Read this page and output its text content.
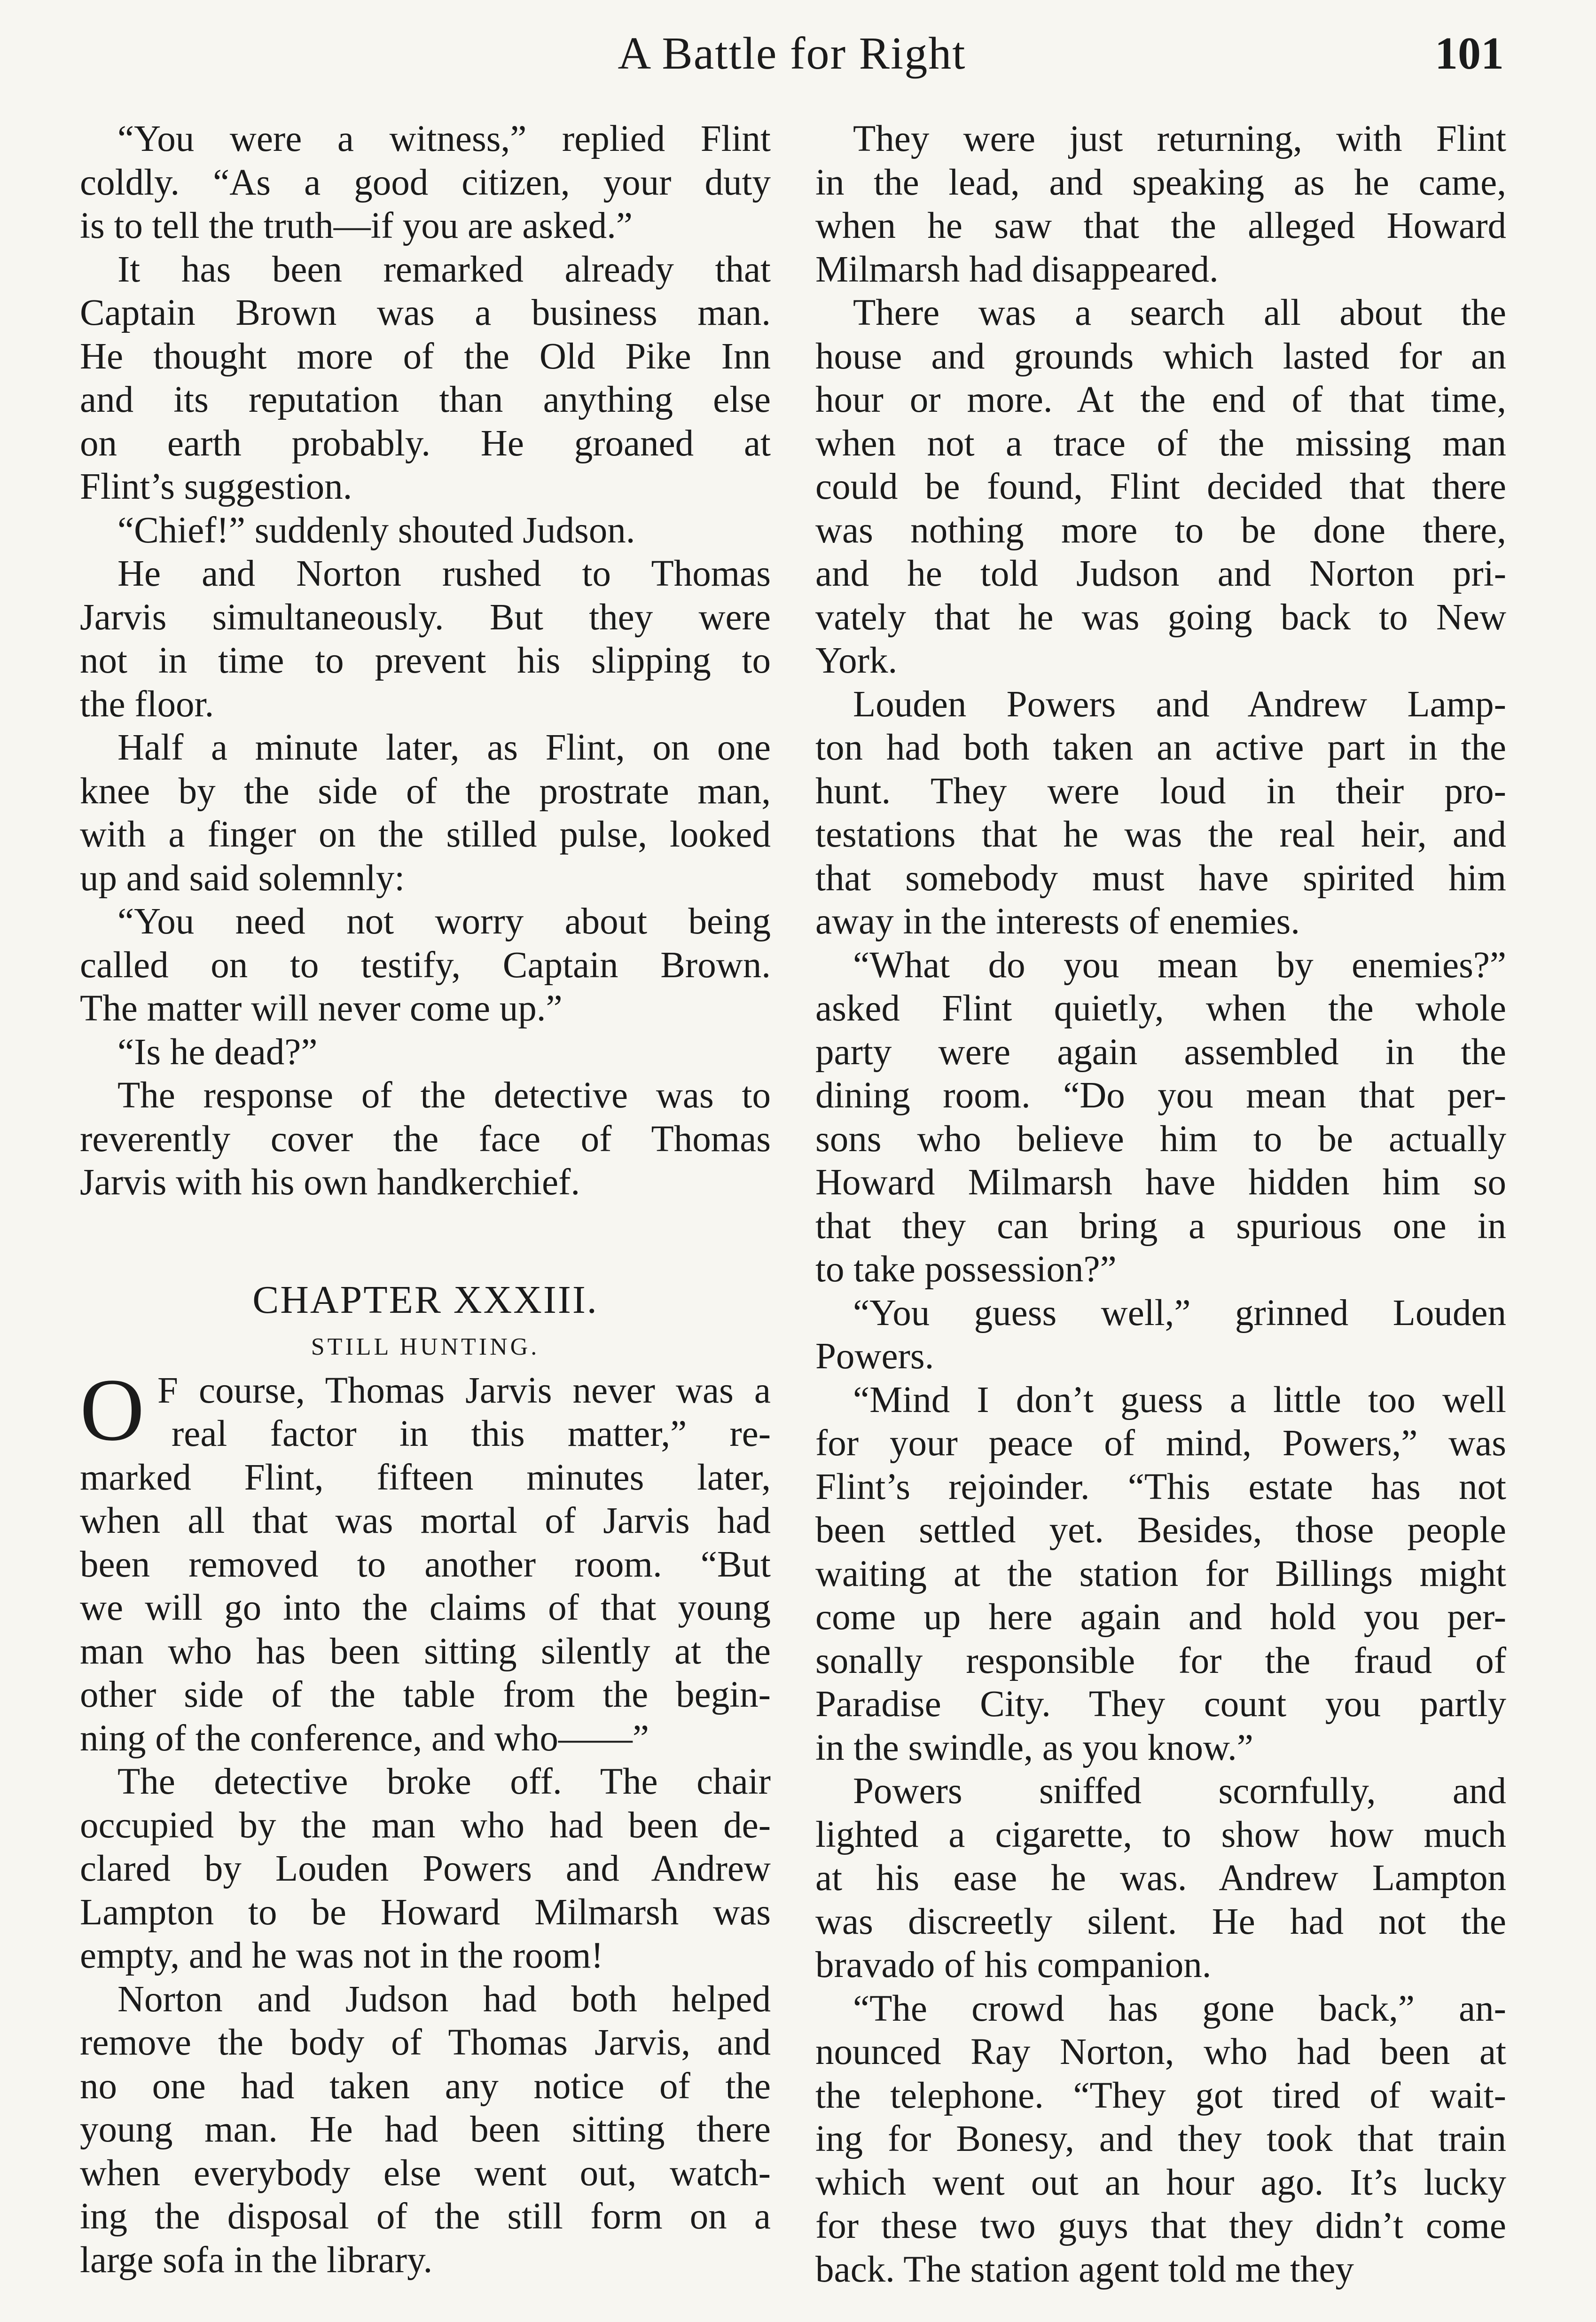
A Battle for Right	101
“You were a witness,” replied Flint
coldly. “As a good citizen, your duty
is to tell the truth—if you are asked.”
It has been remarked already that
Captain Brown was a business man.
He thought more of the Old Pike Inn
and its reputation than anything else
on earth probably. He groaned at
Flint’s suggestion.
“Chief!” suddenly shouted Judson.
He and Norton rushed to Thomas
Jarvis simultaneously. But they were
not in time to prevent his slipping to
the floor.
Half a minute later, as Flint, on one
knee by the side of the prostrate man,
with a finger on the stilled pulse, looked
up and said solemnly:
“You need not worry about being
called on to testify, Captain Brown.
The matter will never come up.”
“Is he dead?”
The response of the detective was to
reverently cover the face of Thomas
Jarvis with his own handkerchief.
CHAPTER XXXIII.
STILL HUNTING.
O F course, Thomas Jarvis never was a
real factor in this matter,” re-
marked Flint, fifteen minutes later,
when all that was mortal of Jarvis had
been removed to another room. “But
we will go into the claims of that young
man who has been sitting silently at the
other side of the table from the begin-
ning of the conference, and who——”
The detective broke off. The chair
occupied by the man who had been de-
clared by Louden Powers and Andrew
Lampton to be Howard Milmarsh was
empty, and he was not in the room!
Norton and Judson had both helped
remove the body of Thomas Jarvis, and
no one had taken any notice of the
young man. He had been sitting there
when everybody else went out, watch-
ing the disposal of the still form on a
large sofa in the library.
They were just returning, with Flint
in the lead, and speaking as he came,
when he saw that the alleged Howard
Milmarsh had disappeared.
There was a search all about the
house and grounds which lasted for an
hour or more. At the end of that time,
when not a trace of the missing man
could be found, Flint decided that there
was nothing more to be done there,
and he told Judson and Norton pri-
vately that he was going back to New
York.
Louden Powers and Andrew Lamp-
ton had both taken an active part in the
hunt. They were loud in their pro-
testations that he was the real heir, and
that somebody must have spirited him
away in the interests of enemies.
“What do you mean by enemies?”
asked Flint quietly, when the whole
party were again assembled in the
dining room. “Do you mean that per-
sons who believe him to be actually
Howard Milmarsh have hidden him so
that they can bring a spurious one in
to take possession?”
“You guess well,” grinned Louden
Powers.
“Mind I don’t guess a little too well
for your peace of mind, Powers,” was
Flint’s rejoinder. “This estate has not
been settled yet. Besides, those people
waiting at the station for Billings might
come up here again and hold you per-
sonally responsible for the fraud of
Paradise City. They count you partly
in the swindle, as you know.”
Powers sniffed scornfully, and
lighted a cigarette, to show how much
at his ease he was. Andrew Lampton
was discreetly silent. He had not the
bravado of his companion.
“The crowd has gone back,” an-
nounced Ray Norton, who had been at
the telephone. “They got tired of wait-
ing for Bonesy, and they took that train
which went out an hour ago. It’s lucky
for these two guys that they didn’t come
back. The station agent told me they
